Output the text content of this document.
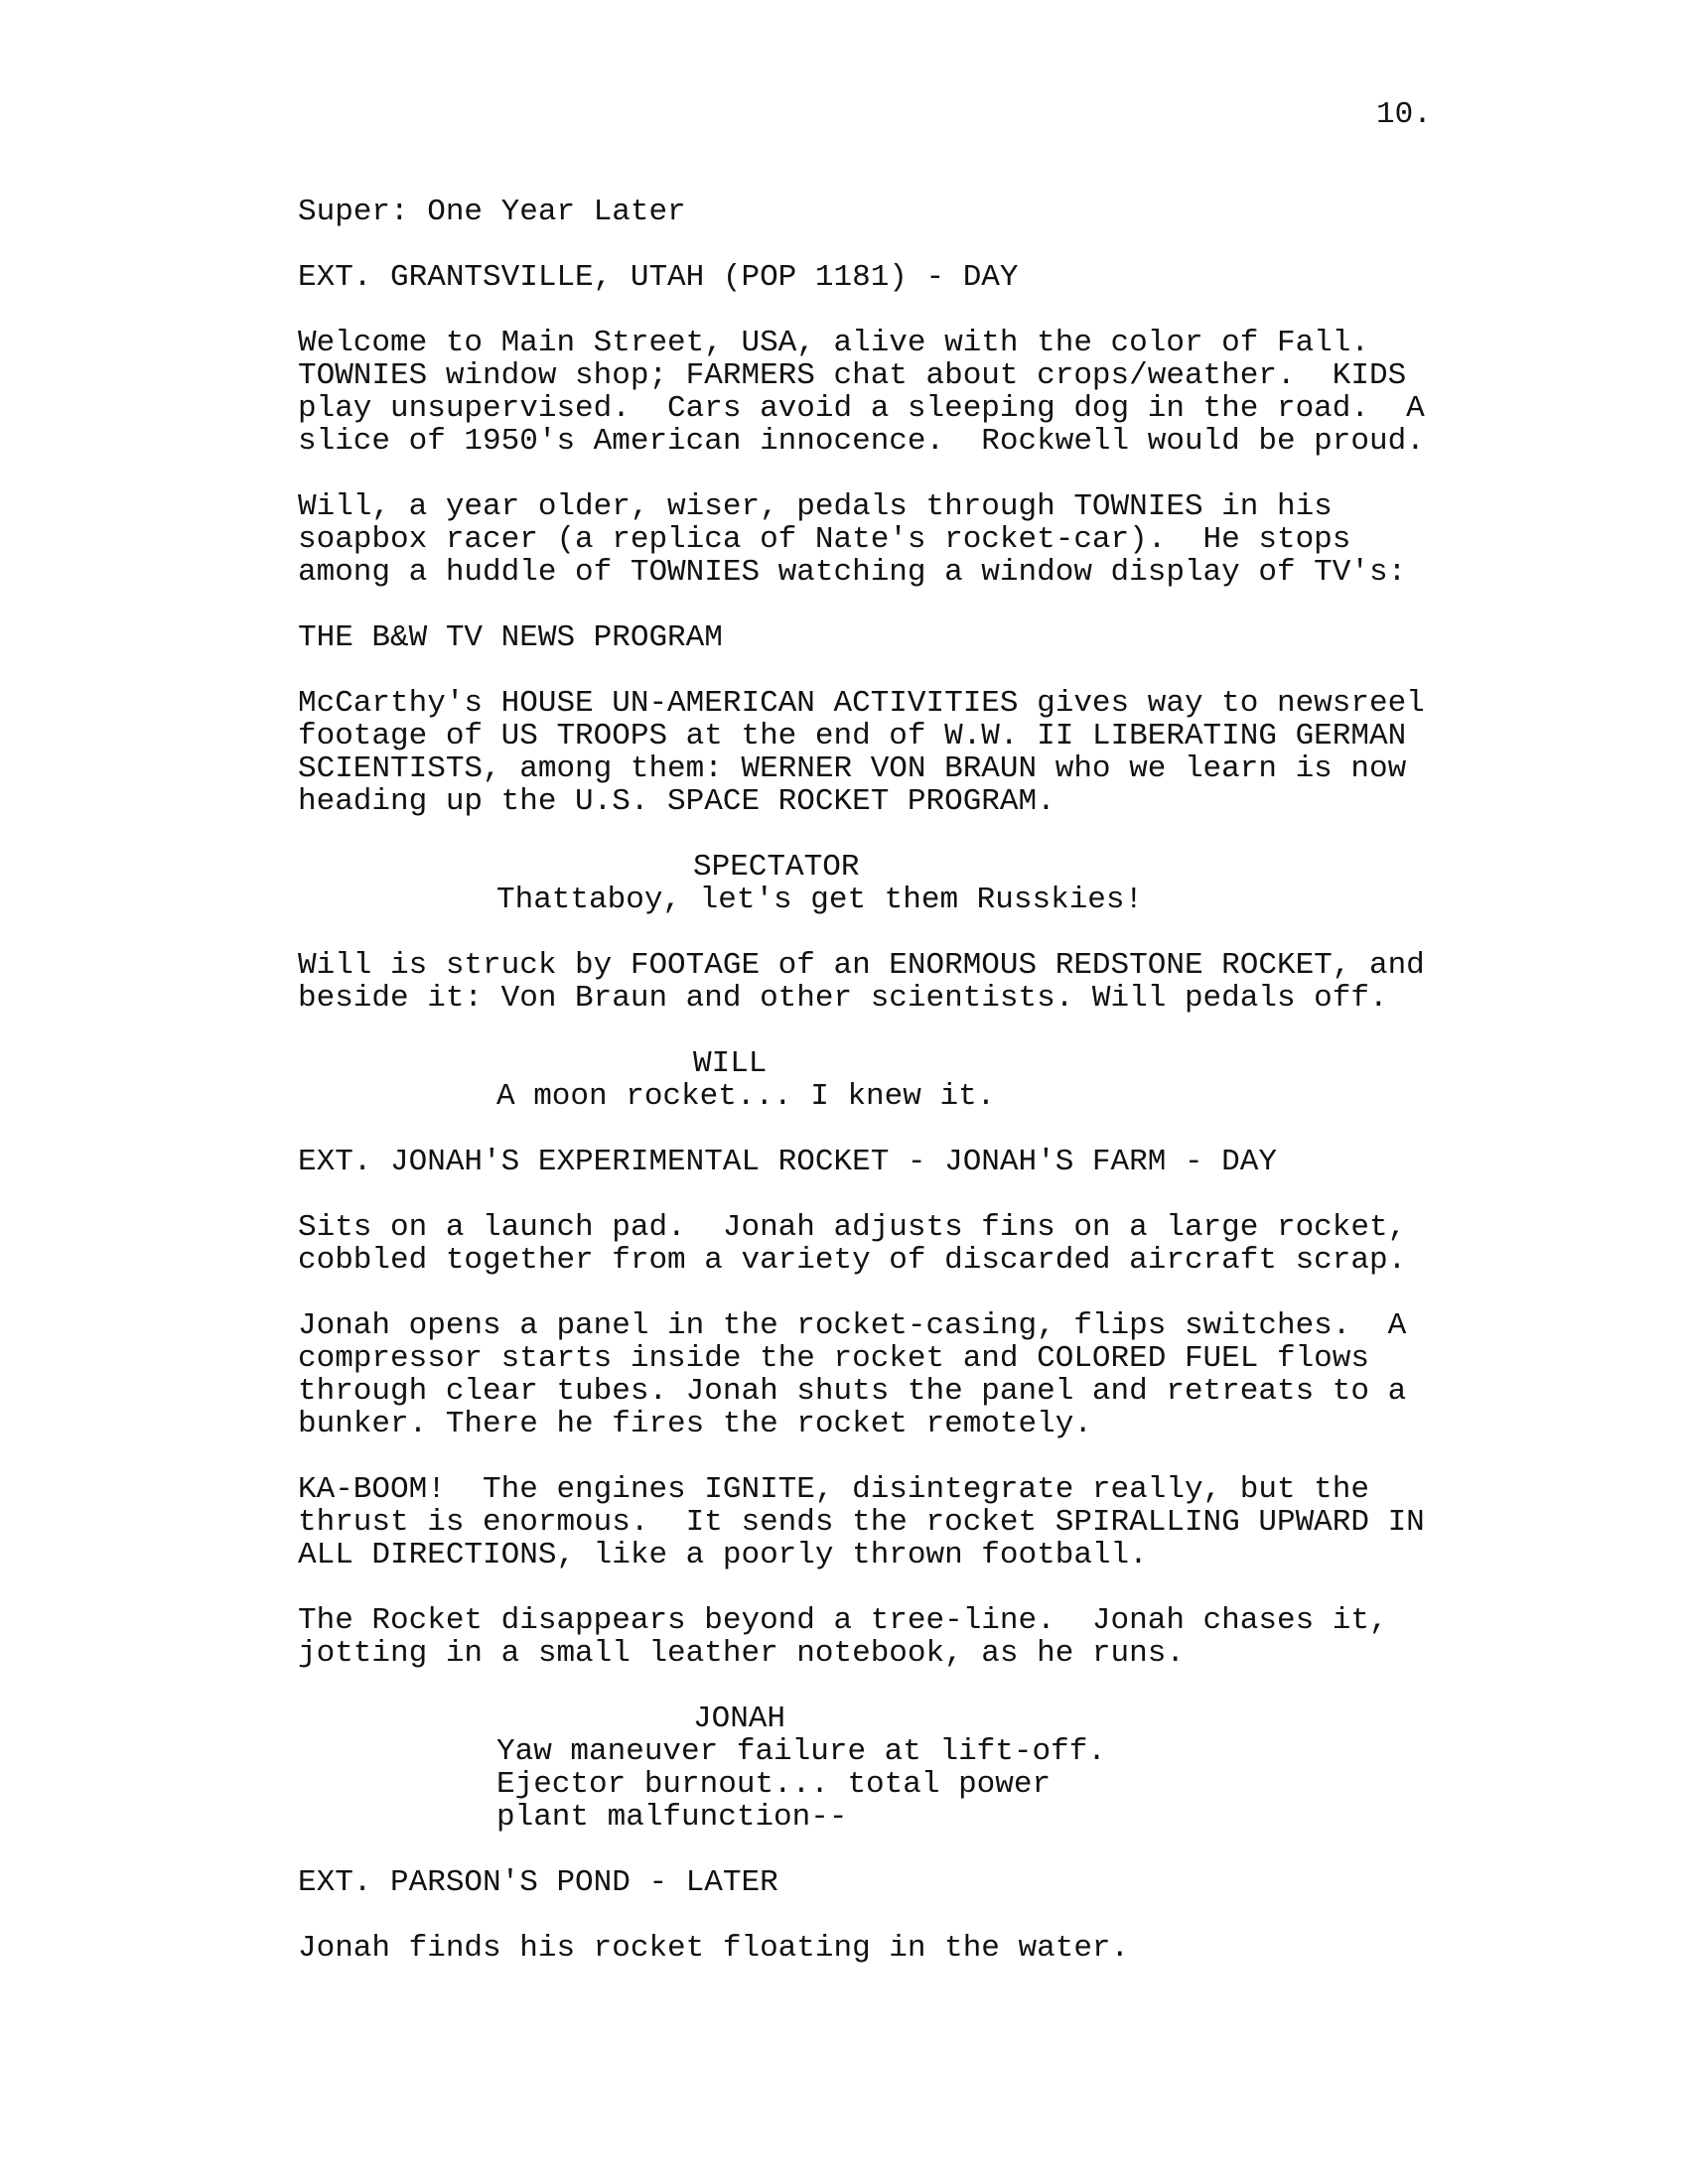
10.

Super: One Year Later

EXT. GRANTSVILLE, UTAH (POP 1181) - DAY

Welcome to Main Street, USA, alive with the color of Fall.
TOWNIES window shop; FARMERS chat about crops/weather.  KIDS
play unsupervised.  Cars avoid a sleeping dog in the road.  A
slice of 1950's American innocence.  Rockwell would be proud.

Will, a year older, wiser, pedals through TOWNIES in his
soapbox racer (a replica of Nate's rocket-car).  He stops
among a huddle of TOWNIES watching a window display of TV's:

THE B&W TV NEWS PROGRAM

McCarthy's HOUSE UN-AMERICAN ACTIVITIES gives way to newsreel
footage of US TROOPS at the end of W.W. II LIBERATING GERMAN
SCIENTISTS, among them: WERNER VON BRAUN who we learn is now
heading up the U.S. SPACE ROCKET PROGRAM.

SPECTATOR

Thattaboy, let's get them Russkies!

Will is struck by FOOTAGE of an ENORMOUS REDSTONE ROCKET, and
beside it: Von Braun and other scientists. Will pedals off.

WILL

A moon rocket... I knew it.

EXT. JONAH'S EXPERIMENTAL ROCKET - JONAH'S FARM - DAY

Sits on a launch pad.  Jonah adjusts fins on a large rocket,
cobbled together from a variety of discarded aircraft scrap.

Jonah opens a panel in the rocket-casing, flips switches.  A
compressor starts inside the rocket and COLORED FUEL flows
through clear tubes. Jonah shuts the panel and retreats to a
bunker. There he fires the rocket remotely.

KA-BOOM!  The engines IGNITE, disintegrate really, but the
thrust is enormous.  It sends the rocket SPIRALLING UPWARD IN
ALL DIRECTIONS, like a poorly thrown football.

The Rocket disappears beyond a tree-line.  Jonah chases it,
jotting in a small leather notebook, as he runs.

JONAH

Yaw maneuver failure at lift-off.
Ejector burnout... total power
plant malfunction--

EXT. PARSON'S POND - LATER

Jonah finds his rocket floating in the water.
